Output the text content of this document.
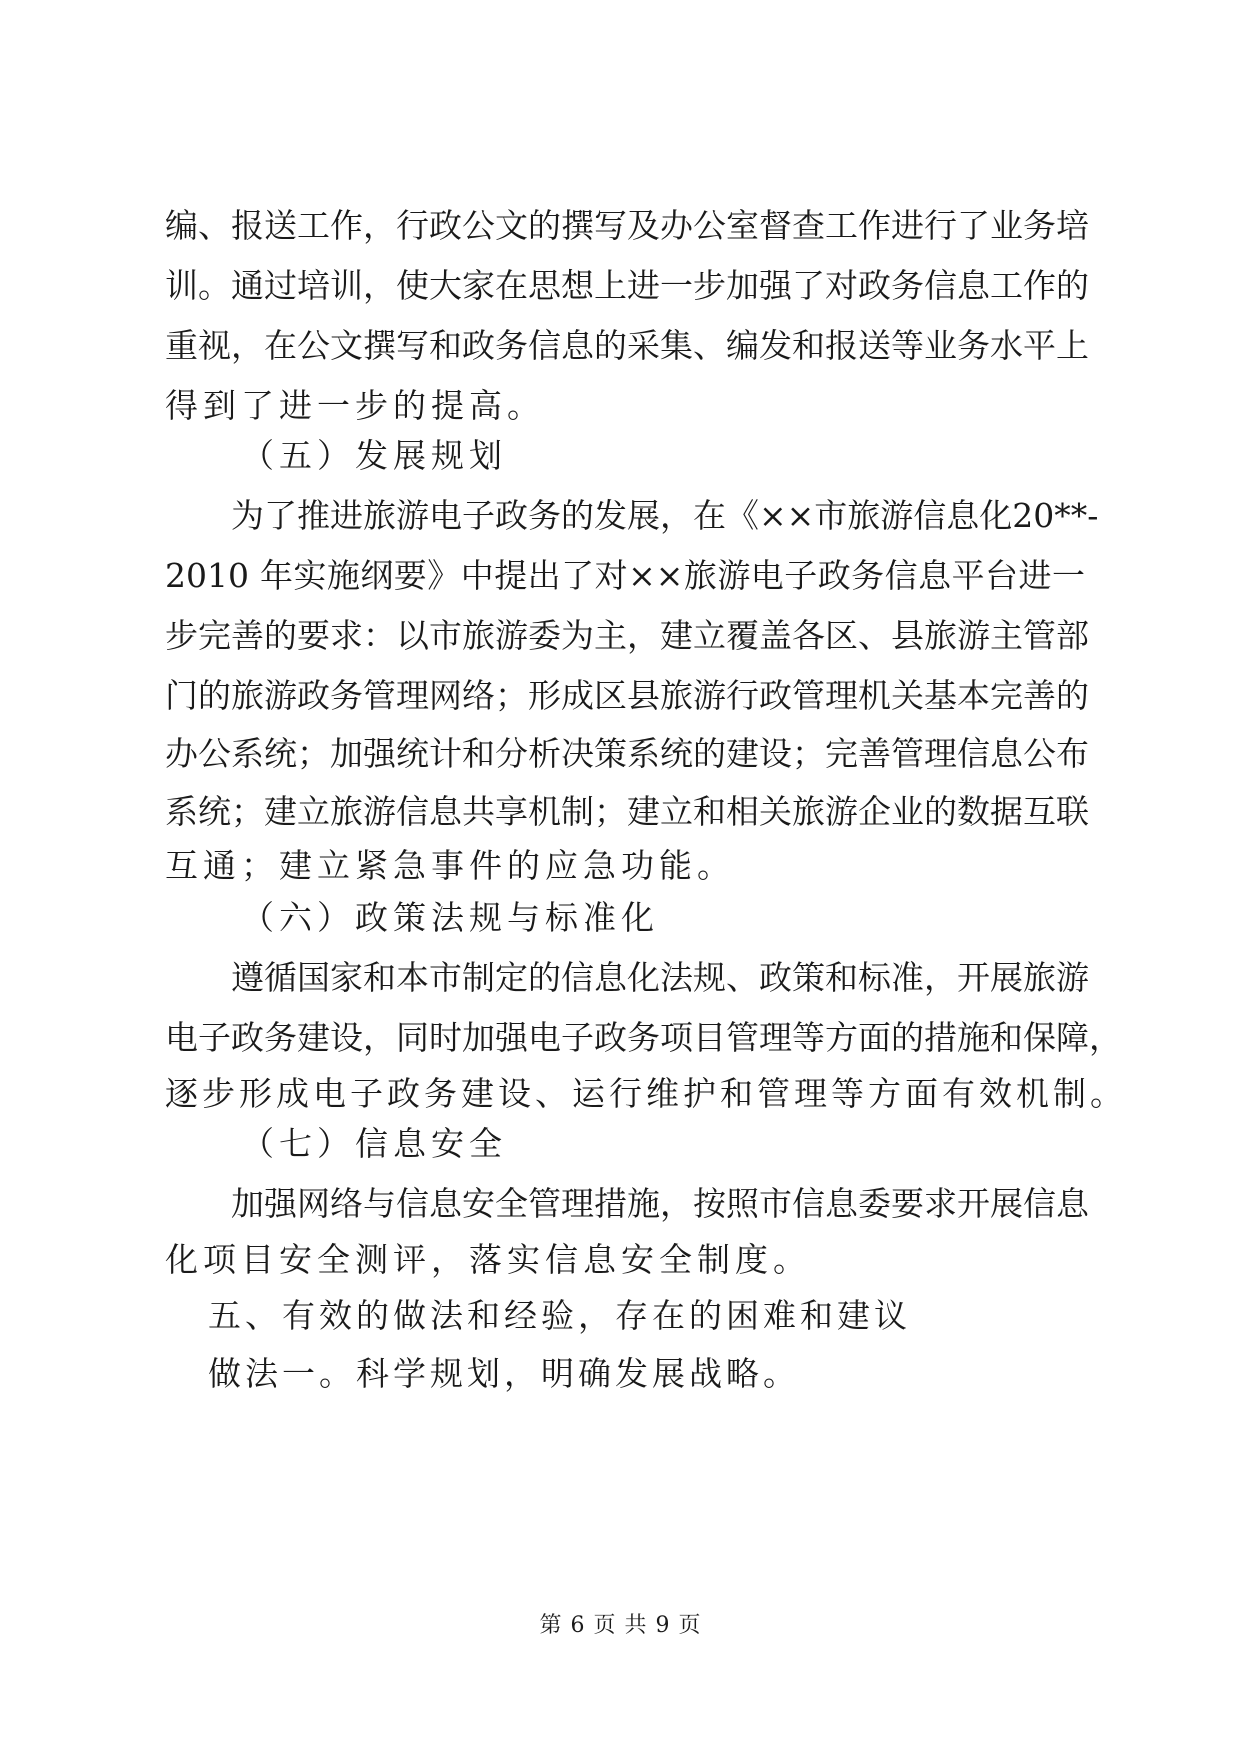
编、报送工作，行政公文的撰写及办公室督查工作进行了业务培
训。通过培训，使大家在思想上进一步加强了对政务信息工作的
重视，在公文撰写和政务信息的采集、编发和报送等业务水平上
得到了进一步的提高。
（五）发展规划
为了推进旅游电子政务的发展，在《××市旅游信息化20**-
2010 年实施纲要》中提出了对××旅游电子政务信息平台进一
步完善的要求：以市旅游委为主，建立覆盖各区、县旅游主管部
门的旅游政务管理网络；形成区县旅游行政管理机关基本完善的
办公系统；加强统计和分析决策系统的建设；完善管理信息公布
系统；建立旅游信息共享机制；建立和相关旅游企业的数据互联
互通；建立紧急事件的应急功能。
（六）政策法规与标准化
遵循国家和本市制定的信息化法规、政策和标准，开展旅游
电子政务建设，同时加强电子政务项目管理等方面的措施和保障，
逐步形成电子政务建设、运行维护和管理等方面有效机制。
（七）信息安全
加强网络与信息安全管理措施，按照市信息委要求开展信息
化项目安全测评，落实信息安全制度。
五、有效的做法和经验，存在的困难和建议
做法一。科学规划，明确发展战略。
第 6 页 共 9 页
